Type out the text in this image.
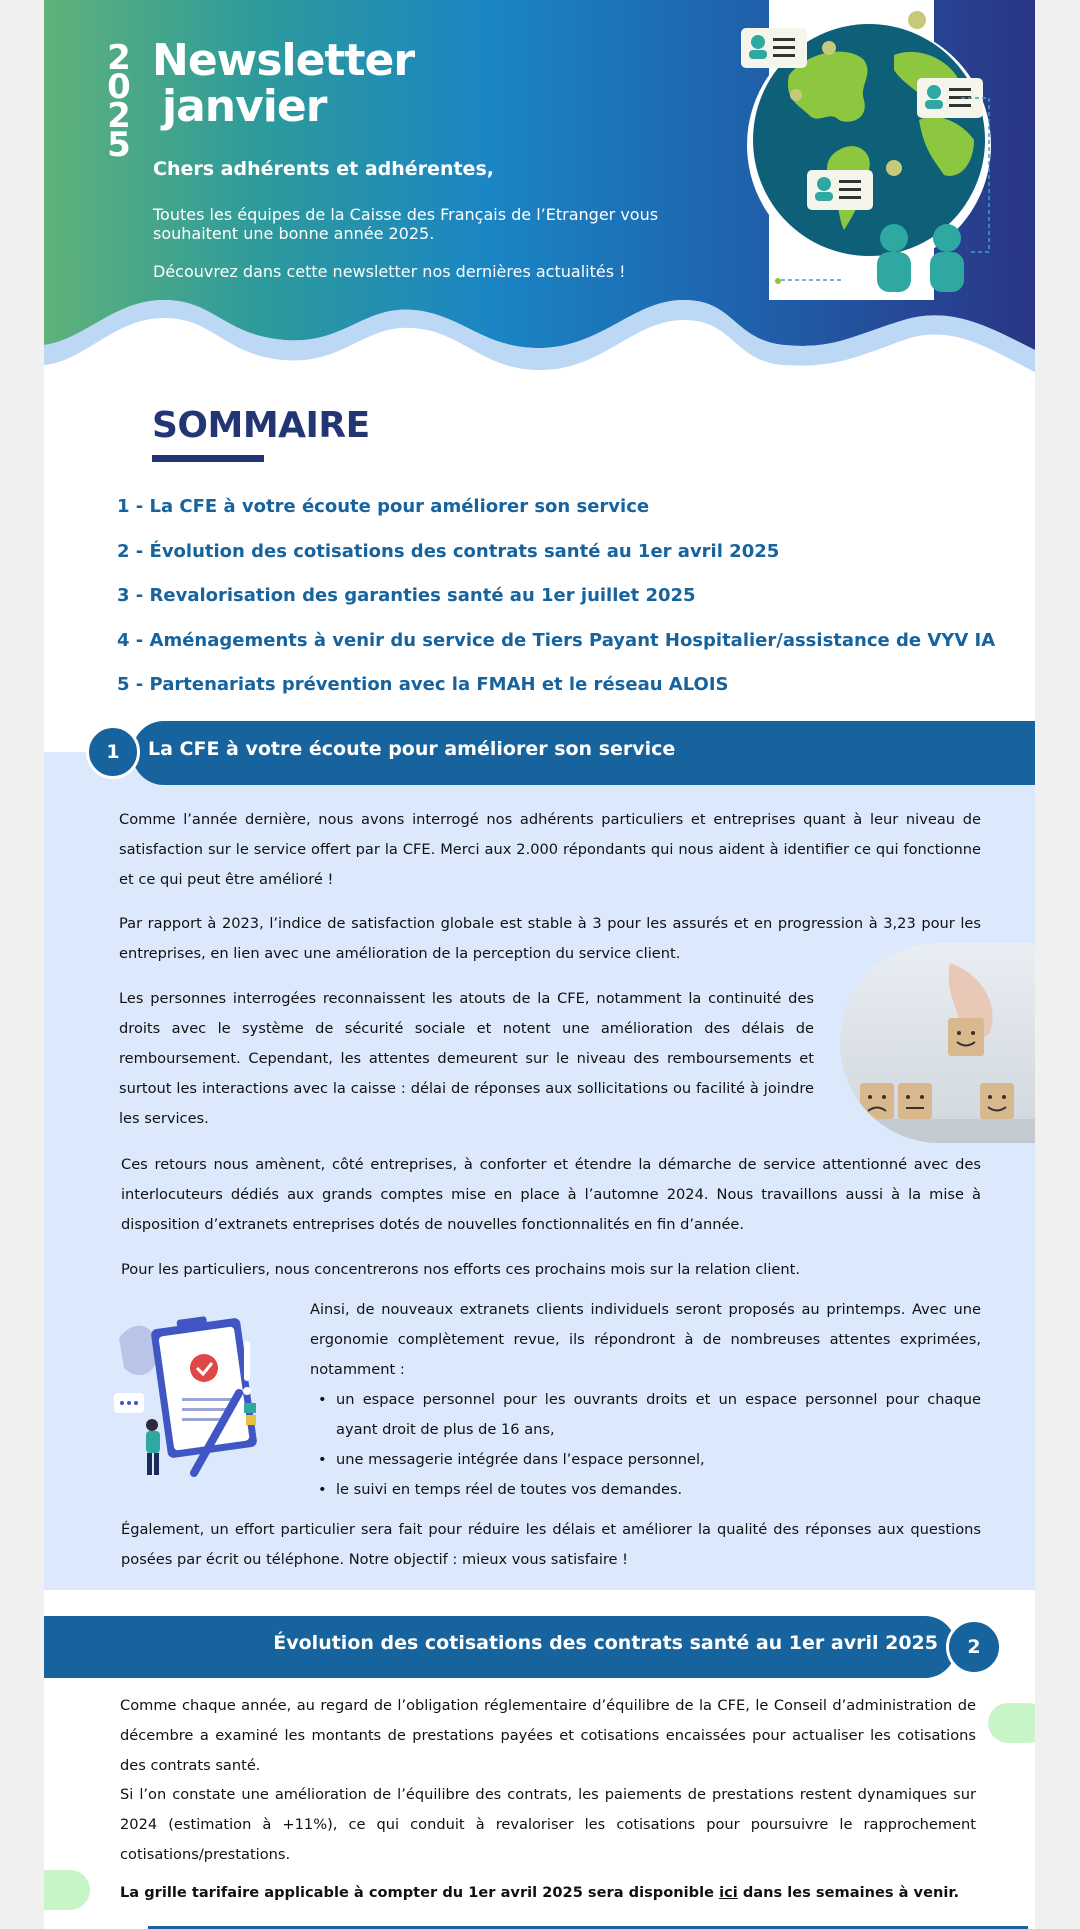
2
0
2
5
Newsletter
janvier
Chers adhérents et adhérentes,
Toutes les équipes de la Caisse des Français de l’Etranger vous souhaitent une bonne année 2025.
Découvrez dans cette newsletter nos dernières actualités !
SOMMAIRE
1 - La CFE à votre écoute pour améliorer son service
2 - Évolution des cotisations des contrats santé au 1er avril 2025
3 - Revalorisation des garanties santé au 1er juillet 2025
4 - Aménagements à venir du service de Tiers Payant Hospitalier/assistance de VYV IA
5 - Partenariats prévention avec la FMAH et le réseau ALOIS
La CFE à votre écoute pour améliorer son service
1

Comme l’année dernière, nous avons interrogé nos adhérents particuliers et entreprises quant à leur niveau de satisfaction sur le service offert par la CFE. Merci aux 2.000 répondants qui nous aident à identifier ce qui fonctionne et ce qui peut être amélioré !

Par rapport à 2023, l’indice de satisfaction globale est stable à 3 pour les assurés et en progression à 3,23 pour les entreprises, en lien avec une amélioration de la perception du service client.

Les personnes interrogées reconnaissent les atouts de la CFE, notamment la continuité des droits avec le système de sécurité sociale et notent une amélioration des délais de remboursement. Cependant, les attentes demeurent sur le niveau des remboursements et surtout les interactions avec la caisse : délai de réponses aux sollicitations ou facilité à joindre les services.

Ces retours nous amènent, côté entreprises, à conforter et étendre la démarche de service attentionné avec des interlocuteurs dédiés aux grands comptes mise en place à l’automne 2024. Nous travaillons aussi à la mise à disposition d’extranets entreprises dotés de nouvelles fonctionnalités en fin d’année.

Pour les particuliers, nous concentrerons nos efforts ces prochains mois sur la relation client.

Ainsi, de nouveaux extranets clients individuels seront proposés au printemps. Avec une ergonomie complètement revue, ils répondront à de nombreuses attentes exprimées, notamment :

• un espace personnel pour les ouvrants droits et un espace personnel pour chaque ayant droit de plus de 16 ans,
• une messagerie intégrée dans l’espace personnel,
• le suivi en temps réel de toutes vos demandes.

Également, un effort particulier sera fait pour réduire les délais et améliorer la qualité des réponses aux questions posées par écrit ou téléphone. Notre objectif : mieux vous satisfaire !

Évolution des cotisations des contrats santé au 1er avril 2025	2

Comme chaque année, au regard de l’obligation réglementaire d’équilibre de la CFE, le Conseil d’administration de décembre a examiné les montants de prestations payées et cotisations encaissées pour actualiser les cotisations des contrats santé.

Si l’on constate une amélioration de l’équilibre des contrats, les paiements de prestations restent dynamiques sur 2024 (estimation à +11%), ce qui conduit à revaloriser les cotisations pour poursuivre le rapprochement cotisations/prestations.

La grille tarifaire applicable à compter du 1er avril 2025 sera disponible ici dans les semaines à venir.
